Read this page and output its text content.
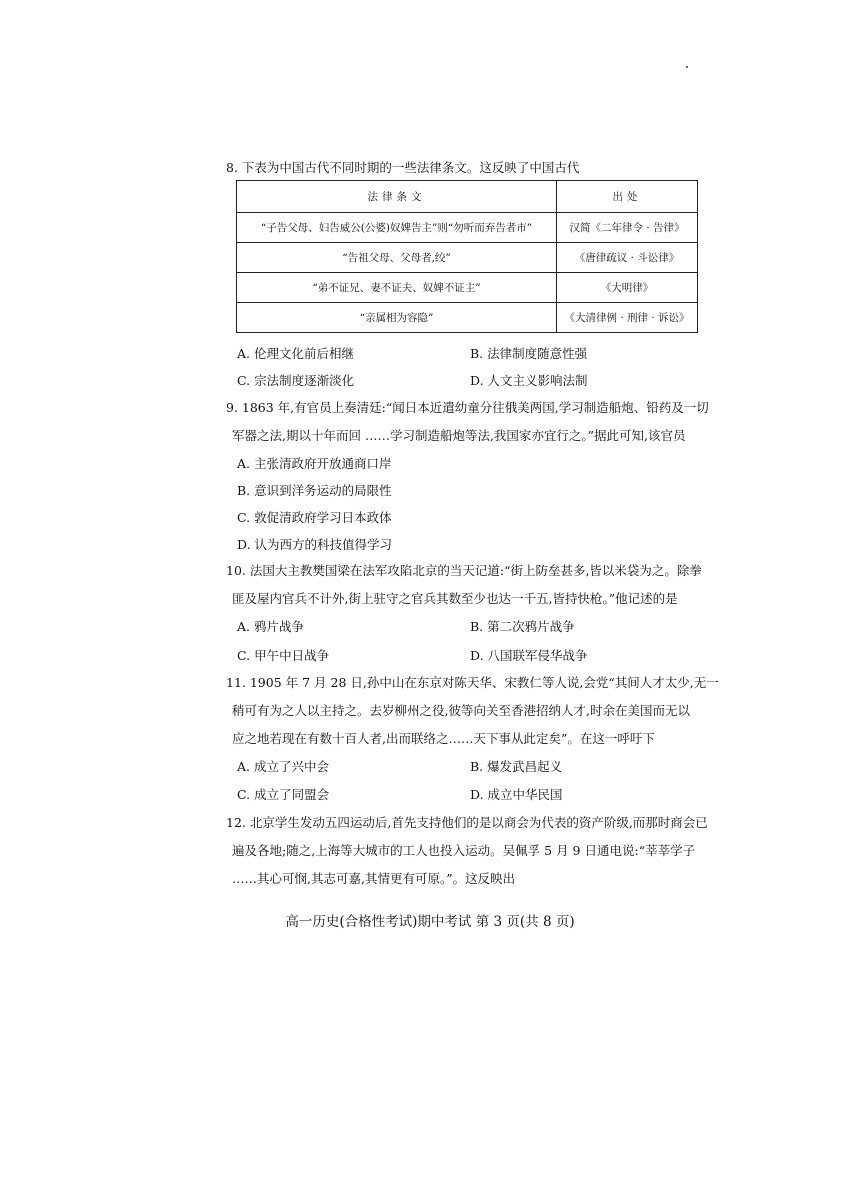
8. 下表为中国古代不同时期的一些法律条文。这反映了中国古代
法律条文	出处
“子告父母、妇告威公(公婆)奴婢告主”则“勿听而弃告者市”	汉简《二年律令 · 告律》
“告祖父母、父母者,绞”	《唐律疏议 · 斗讼律》
“弟不证兄、妻不证夫、奴婢不证主”	《大明律》
“亲属相为容隐”	《大清律例 · 刑律 · 诉讼》
A. 伦理文化前后相继	B. 法律制度随意性强
C. 宗法制度逐渐淡化	D. 人文主义影响法制
9. 1863 年,有官员上奏清廷:“闻日本近遣幼童分往俄美两国,学习制造船炮、铅药及一切
军器之法,期以十年而回 ……学习制造船炮等法,我国家亦宜行之。”据此可知,该官员
A. 主张清政府开放通商口岸
B. 意识到洋务运动的局限性
C. 敦促清政府学习日本政体
D. 认为西方的科技值得学习
10. 法国大主教樊国梁在法军攻陷北京的当天记道:“街上防垒甚多,皆以米袋为之。除拳
匪及屋内官兵不计外,街上驻守之官兵其数至少也达一千五,皆持快枪。”他记述的是
A. 鸦片战争	B. 第二次鸦片战争
C. 甲午中日战争	D. 八国联军侵华战争
11. 1905 年 7 月 28 日,孙中山在东京对陈天华、宋教仁等人说,会党“其间人才太少,无一
稍可有为之人以主持之。去岁柳州之役,彼等向关至香港招纳人才,时余在美国而无以
应之地若现在有数十百人者,出而联络之……天下事从此定矣”。在这一呼吁下
A. 成立了兴中会	B. 爆发武昌起义
C. 成立了同盟会	D. 成立中华民国
12. 北京学生发动五四运动后,首先支持他们的是以商会为代表的资产阶级,而那时商会已
遍及各地;随之,上海等大城市的工人也投入运动。吴佩孚 5 月 9 日通电说:“莘莘学子
……其心可悯,其志可嘉,其情更有可原。”。这反映出
高一历史(合格性考试)期中考试 第 3 页(共 8 页)
